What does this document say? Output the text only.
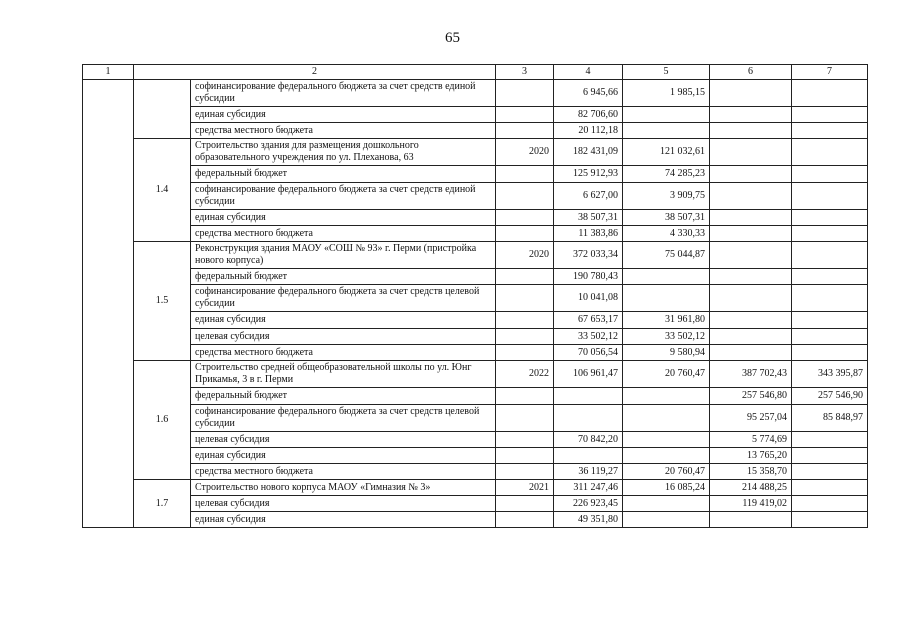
65
1	2		3	4	5	6	7
		софинансирование федерального бюджета за счет средств единой субсидии		6 945,66	1 985,15		
		единая субсидия		82 706,60			
		средства местного бюджета		20 112,18			
	1.4	Строительство здания для размещения дошкольного образовательного учреждения по ул. Плеханова, 63	2020	182 431,09	121 032,61		
		федеральный бюджет		125 912,93	74 285,23		
		софинансирование федерального бюджета за счет средств единой субсидии		6 627,00	3 909,75		
		единая субсидия		38 507,31	38 507,31		
		средства местного бюджета		11 383,86	4 330,33		
	1.5	Реконструкция здания МАОУ «СОШ № 93» г. Перми (пристройка нового корпуса)	2020	372 033,34	75 044,87		
		федеральный бюджет		190 780,43			
		софинансирование федерального бюджета за счет средств целевой субсидии		10 041,08			
		единая субсидия		67 653,17	31 961,80		
		целевая субсидия		33 502,12	33 502,12		
		средства местного бюджета		70 056,54	9 580,94		
	1.6	Строительство средней общеобразовательной школы по ул. Юнг Прикамья, 3 в г. Перми	2022	106 961,47	20 760,47	387 702,43	343 395,87
		федеральный бюджет				257 546,80	257 546,90
		софинансирование федерального бюджета за счет средств целевой субсидии				95 257,04	85 848,97
		целевая субсидия		70 842,20		5 774,69	
		единая субсидия				13 765,20	
		средства местного бюджета		36 119,27	20 760,47	15 358,70	
	1.7	Строительство нового корпуса МАОУ «Гимназия № 3»	2021	311 247,46	16 085,24	214 488,25	
		целевая субсидия		226 923,45		119 419,02	
		единая субсидия		49 351,80			
